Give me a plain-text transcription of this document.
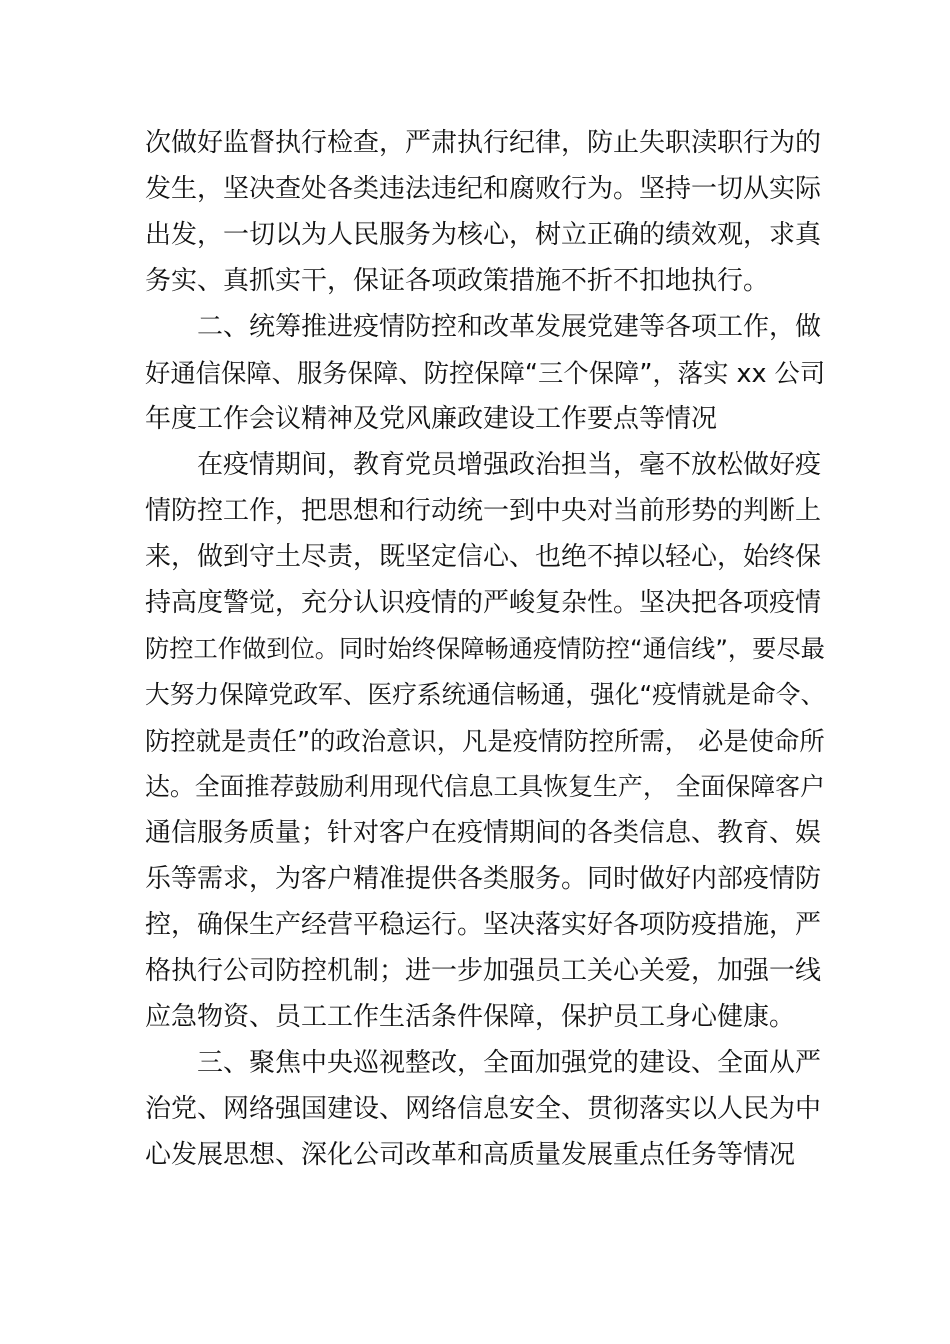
次做好监督执行检查，严肃执行纪律，防止失职渎职行为的
发生，坚决查处各类违法违纪和腐败行为。坚持一切从实际
出发，一切以为人民服务为核心，树立正确的绩效观，求真
务实、真抓实干，保证各项政策措施不折不扣地执行。
二、统筹推进疫情防控和改革发展党建等各项工作，做
好通信保障、服务保障、防控保障“三个保障”，落实 xx 公司
年度工作会议精神及党风廉政建设工作要点等情况
在疫情期间，教育党员增强政治担当，毫不放松做好疫
情防控工作，把思想和行动统一到中央对当前形势的判断上
来，做到守土尽责，既坚定信心、也绝不掉以轻心，始终保
持高度警觉，充分认识疫情的严峻复杂性。坚决把各项疫情
防控工作做到位。同时始终保障畅通疫情防控“通信线”，要尽最
大努力保障党政军、医疗系统通信畅通，强化“疫情就是命令、
防控就是责任”的政治意识，凡是疫情防控所需， 必是使命所
达。全面推荐鼓励利用现代信息工具恢复生产， 全面保障客户
通信服务质量；针对客户在疫情期间的各类信息、教育、娱
乐等需求，为客户精准提供各类服务。同时做好内部疫情防
控，确保生产经营平稳运行。坚决落实好各项防疫措施，严
格执行公司防控机制；进一步加强员工关心关爱，加强一线
应急物资、员工工作生活条件保障，保护员工身心健康。
三、聚焦中央巡视整改，全面加强党的建设、全面从严
治党、网络强国建设、网络信息安全、贯彻落实以人民为中
心发展思想、深化公司改革和高质量发展重点任务等情况
